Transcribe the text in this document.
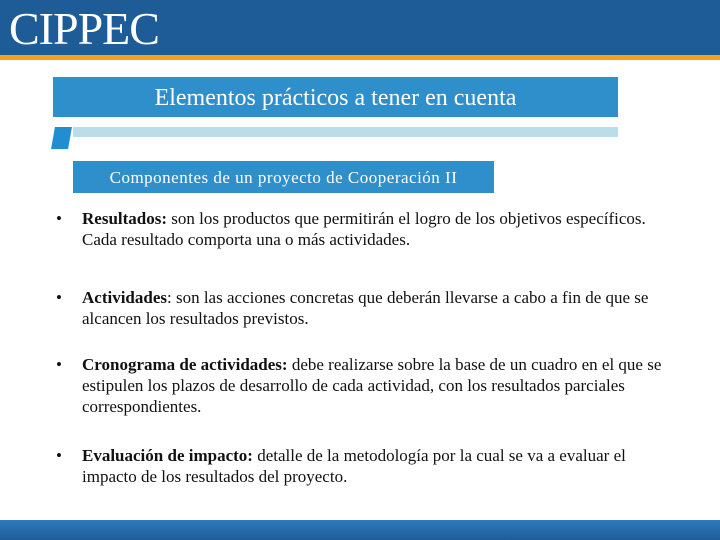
CIPPEC
Elementos prácticos a tener en cuenta
Componentes de un proyecto de Cooperación II
• Resultados: son los productos que permitirán el logro de los objetivos específicos. Cada resultado comporta una o más actividades.
• Actividades: son las acciones concretas que deberán llevarse a cabo a fin de que se alcancen los resultados previstos.
• Cronograma de actividades: debe realizarse sobre la base de un cuadro en el que se estipulen los plazos de desarrollo de cada actividad, con los resultados parciales correspondientes.
• Evaluación de impacto: detalle de la metodología por la cual se va a evaluar el impacto de los resultados del proyecto.
